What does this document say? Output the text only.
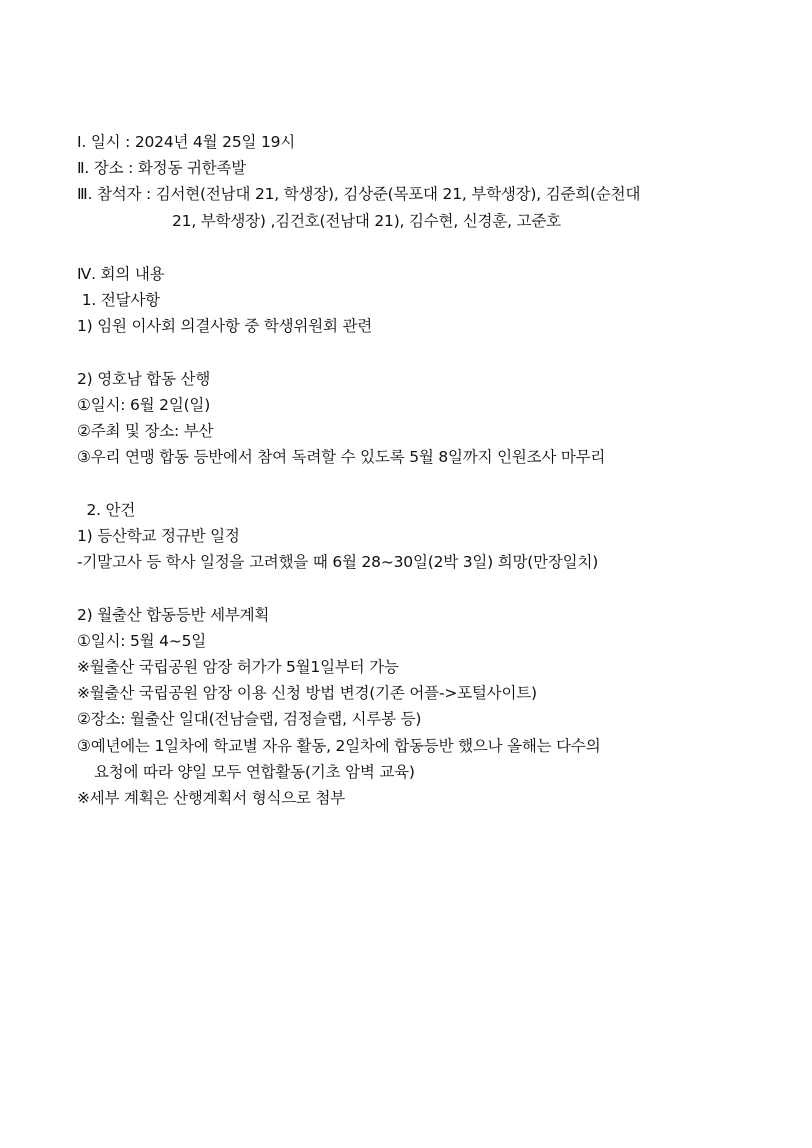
Ⅰ. 일시 : 2024년 4월 25일 19시
Ⅱ. 장소 : 화정동 귀한족발
Ⅲ. 참석자 : 김서현(전남대 21, 학생장), 김상준(목포대 21, 부학생장), 김준희(순천대
21, 부학생장) ,김건호(전남대 21), 김수현, 신경훈, 고준호
Ⅳ. 회의 내용
1. 전달사항
1) 임원 이사회 의결사항 중 학생위원회 관련
2) 영호남 합동 산행
①일시: 6월 2일(일)
②주최 및 장소: 부산
③우리 연맹 합동 등반에서 참여 독려할 수 있도록 5월 8일까지 인원조사 마무리
2. 안건
1) 등산학교 정규반 일정
-기말고사 등 학사 일정을 고려했을 때 6월 28~30일(2박 3일) 희망(만장일치)
2) 월출산 합동등반 세부계획
①일시: 5월 4~5일
※월출산 국립공원 암장 허가가 5월1일부터 가능
※월출산 국립공원 암장 이용 신청 방법 변경(기존 어플->포털사이트)
②장소: 월출산 일대(전남슬랩, 검정슬랩, 시루봉 등)
③예년에는 1일차에 학교별 자유 활동, 2일차에 합동등반 했으나 올해는 다수의
요청에 따라 양일 모두 연합활동(기초 암벽 교육)
※세부 계획은 산행계획서 형식으로 첨부
